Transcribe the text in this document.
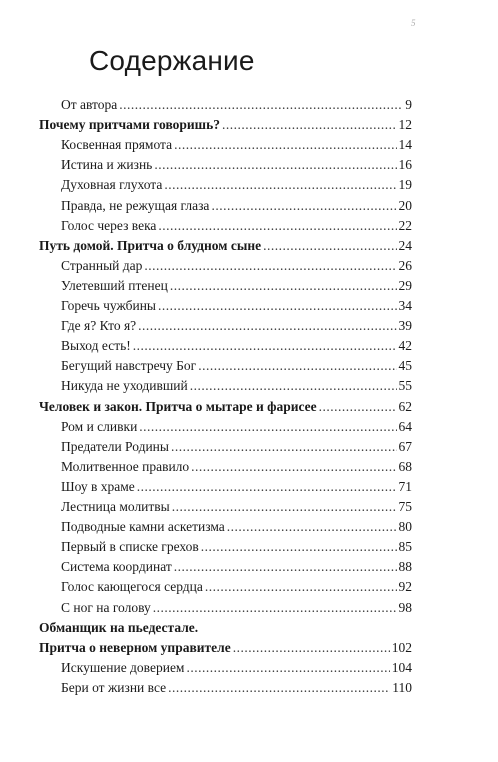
5
Содержание
От автора .....	9
Почему притчами говоришь? .....	12
Косвенная прямота .....	14
Истина и жизнь .....	16
Духовная глухота .....	19
Правда, не режущая глаза .....	20
Голос через века .....	22
Путь домой. Притча о блудном сыне .....	24
Странный дар .....	26
Улетевший птенец .....	29
Горечь чужбины .....	34
Где я? Кто я? .....	39
Выход есть! .....	42
Бегущий навстречу Бог .....	45
Никуда не уходивший .....	55
Человек и закон. Притча о мытаре и фарисее .....	62
Ром и сливки .....	64
Предатели Родины .....	67
Молитвенное правило .....	68
Шоу в храме .....	71
Лестница молитвы .....	75
Подводные камни аскетизма .....	80
Первый в списке грехов .....	85
Система координат .....	88
Голос кающегося сердца .....	92
С ног на голову .....	98
Обманщик на пьедестале.
Притча о неверном управителе .....	102
Искушение доверием .....	104
Бери от жизни все .....	110
